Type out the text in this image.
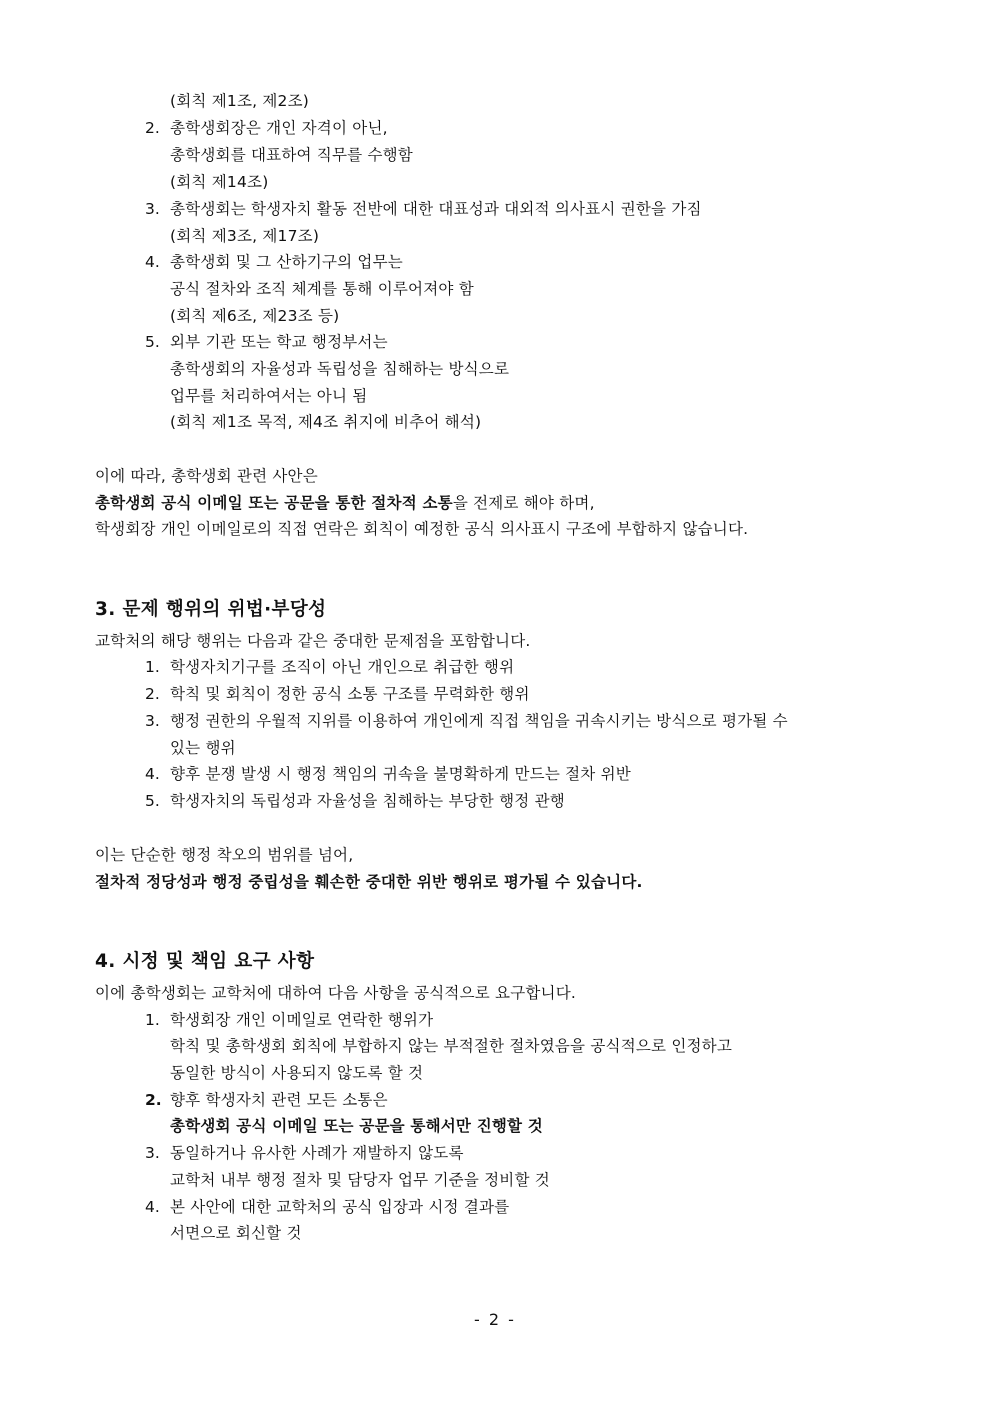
(회칙 제1조, 제2조)
2. 총학생회장은 개인 자격이 아닌,
총학생회를 대표하여 직무를 수행함
(회칙 제14조)
3. 총학생회는 학생자치 활동 전반에 대한 대표성과 대외적 의사표시 권한을 가짐
(회칙 제3조, 제17조)
4. 총학생회 및 그 산하기구의 업무는
공식 절차와 조직 체계를 통해 이루어져야 함
(회칙 제6조, 제23조 등)
5. 외부 기관 또는 학교 행정부서는
총학생회의 자율성과 독립성을 침해하는 방식으로
업무를 처리하여서는 아니 됨
(회칙 제1조 목적, 제4조 취지에 비추어 해석)
이에 따라, 총학생회 관련 사안은
총학생회 공식 이메일 또는 공문을 통한 절차적 소통을 전제로 해야 하며,
학생회장 개인 이메일로의 직접 연락은 회칙이 예정한 공식 의사표시 구조에 부합하지 않습니다.
3. 문제 행위의 위법·부당성
교학처의 해당 행위는 다음과 같은 중대한 문제점을 포함합니다.
1. 학생자치기구를 조직이 아닌 개인으로 취급한 행위
2. 학칙 및 회칙이 정한 공식 소통 구조를 무력화한 행위
3. 행정 권한의 우월적 지위를 이용하여 개인에게 직접 책임을 귀속시키는 방식으로 평가될 수
있는 행위
4. 향후 분쟁 발생 시 행정 책임의 귀속을 불명확하게 만드는 절차 위반
5. 학생자치의 독립성과 자율성을 침해하는 부당한 행정 관행
이는 단순한 행정 착오의 범위를 넘어,
절차적 정당성과 행정 중립성을 훼손한 중대한 위반 행위로 평가될 수 있습니다.
4. 시정 및 책임 요구 사항
이에 총학생회는 교학처에 대하여 다음 사항을 공식적으로 요구합니다.
1. 학생회장 개인 이메일로 연락한 행위가
학칙 및 총학생회 회칙에 부합하지 않는 부적절한 절차였음을 공식적으로 인정하고
동일한 방식이 사용되지 않도록 할 것
2. 향후 학생자치 관련 모든 소통은
총학생회 공식 이메일 또는 공문을 통해서만 진행할 것
3. 동일하거나 유사한 사례가 재발하지 않도록
교학처 내부 행정 절차 및 담당자 업무 기준을 정비할 것
4. 본 사안에 대한 교학처의 공식 입장과 시정 결과를
서면으로 회신할 것
- 2 -
